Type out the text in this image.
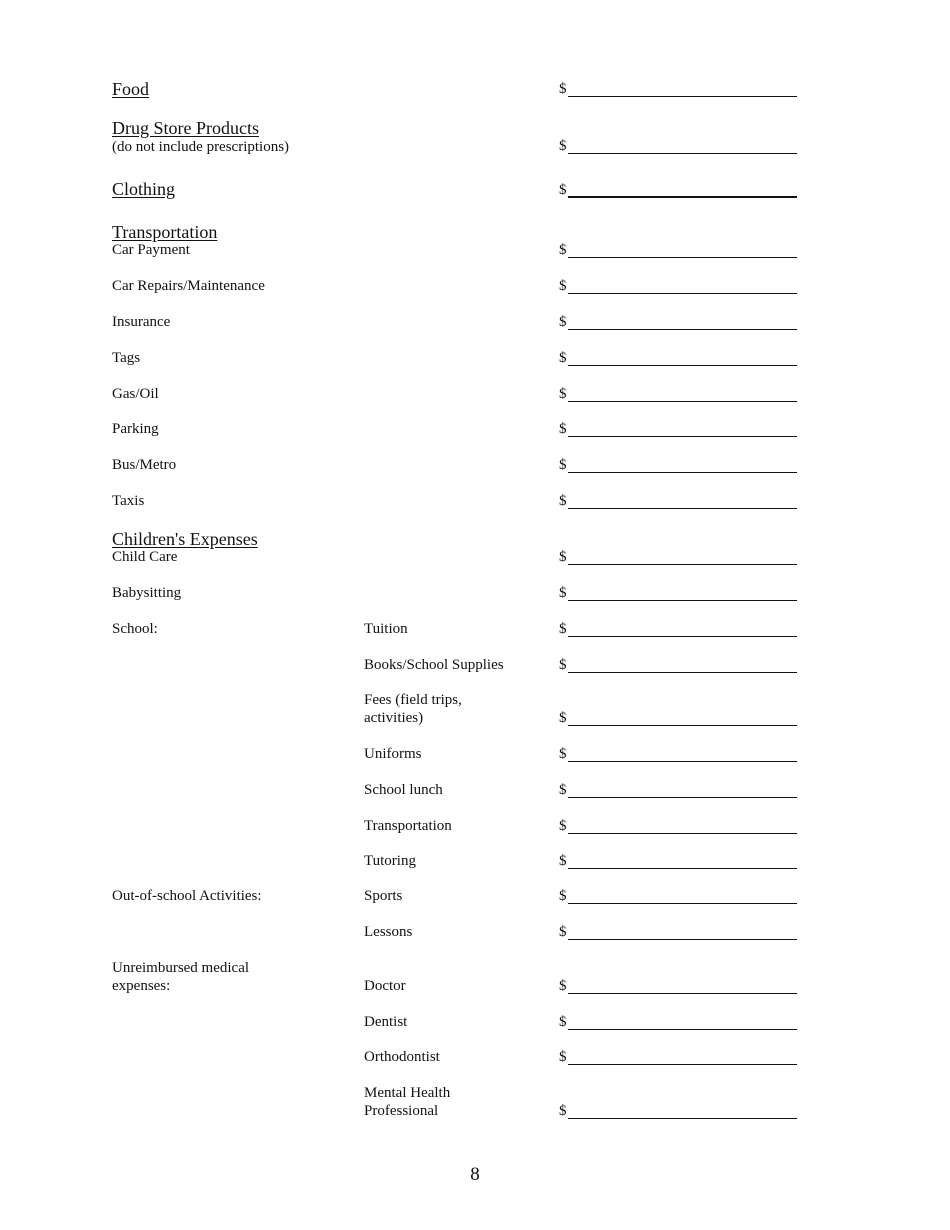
Food	$
Drug Store Products
(do not include prescriptions)	$
Clothing	$
Transportation
Car Payment	$
Car Repairs/Maintenance	$
Insurance	$
Tags	$
Gas/Oil	$
Parking	$
Bus/Metro	$
Taxis	$
Children's Expenses
Child Care	$
Babysitting	$
School:	Tuition	$
Books/School Supplies	$
Fees (field trips,
activities)	$
Uniforms	$
School lunch	$
Transportation	$
Tutoring	$
Out-of-school Activities:	Sports	$
Lessons	$
Unreimbursed medical
expenses:	Doctor	$
Dentist	$
Orthodontist	$
Mental Health
Professional	$
8
